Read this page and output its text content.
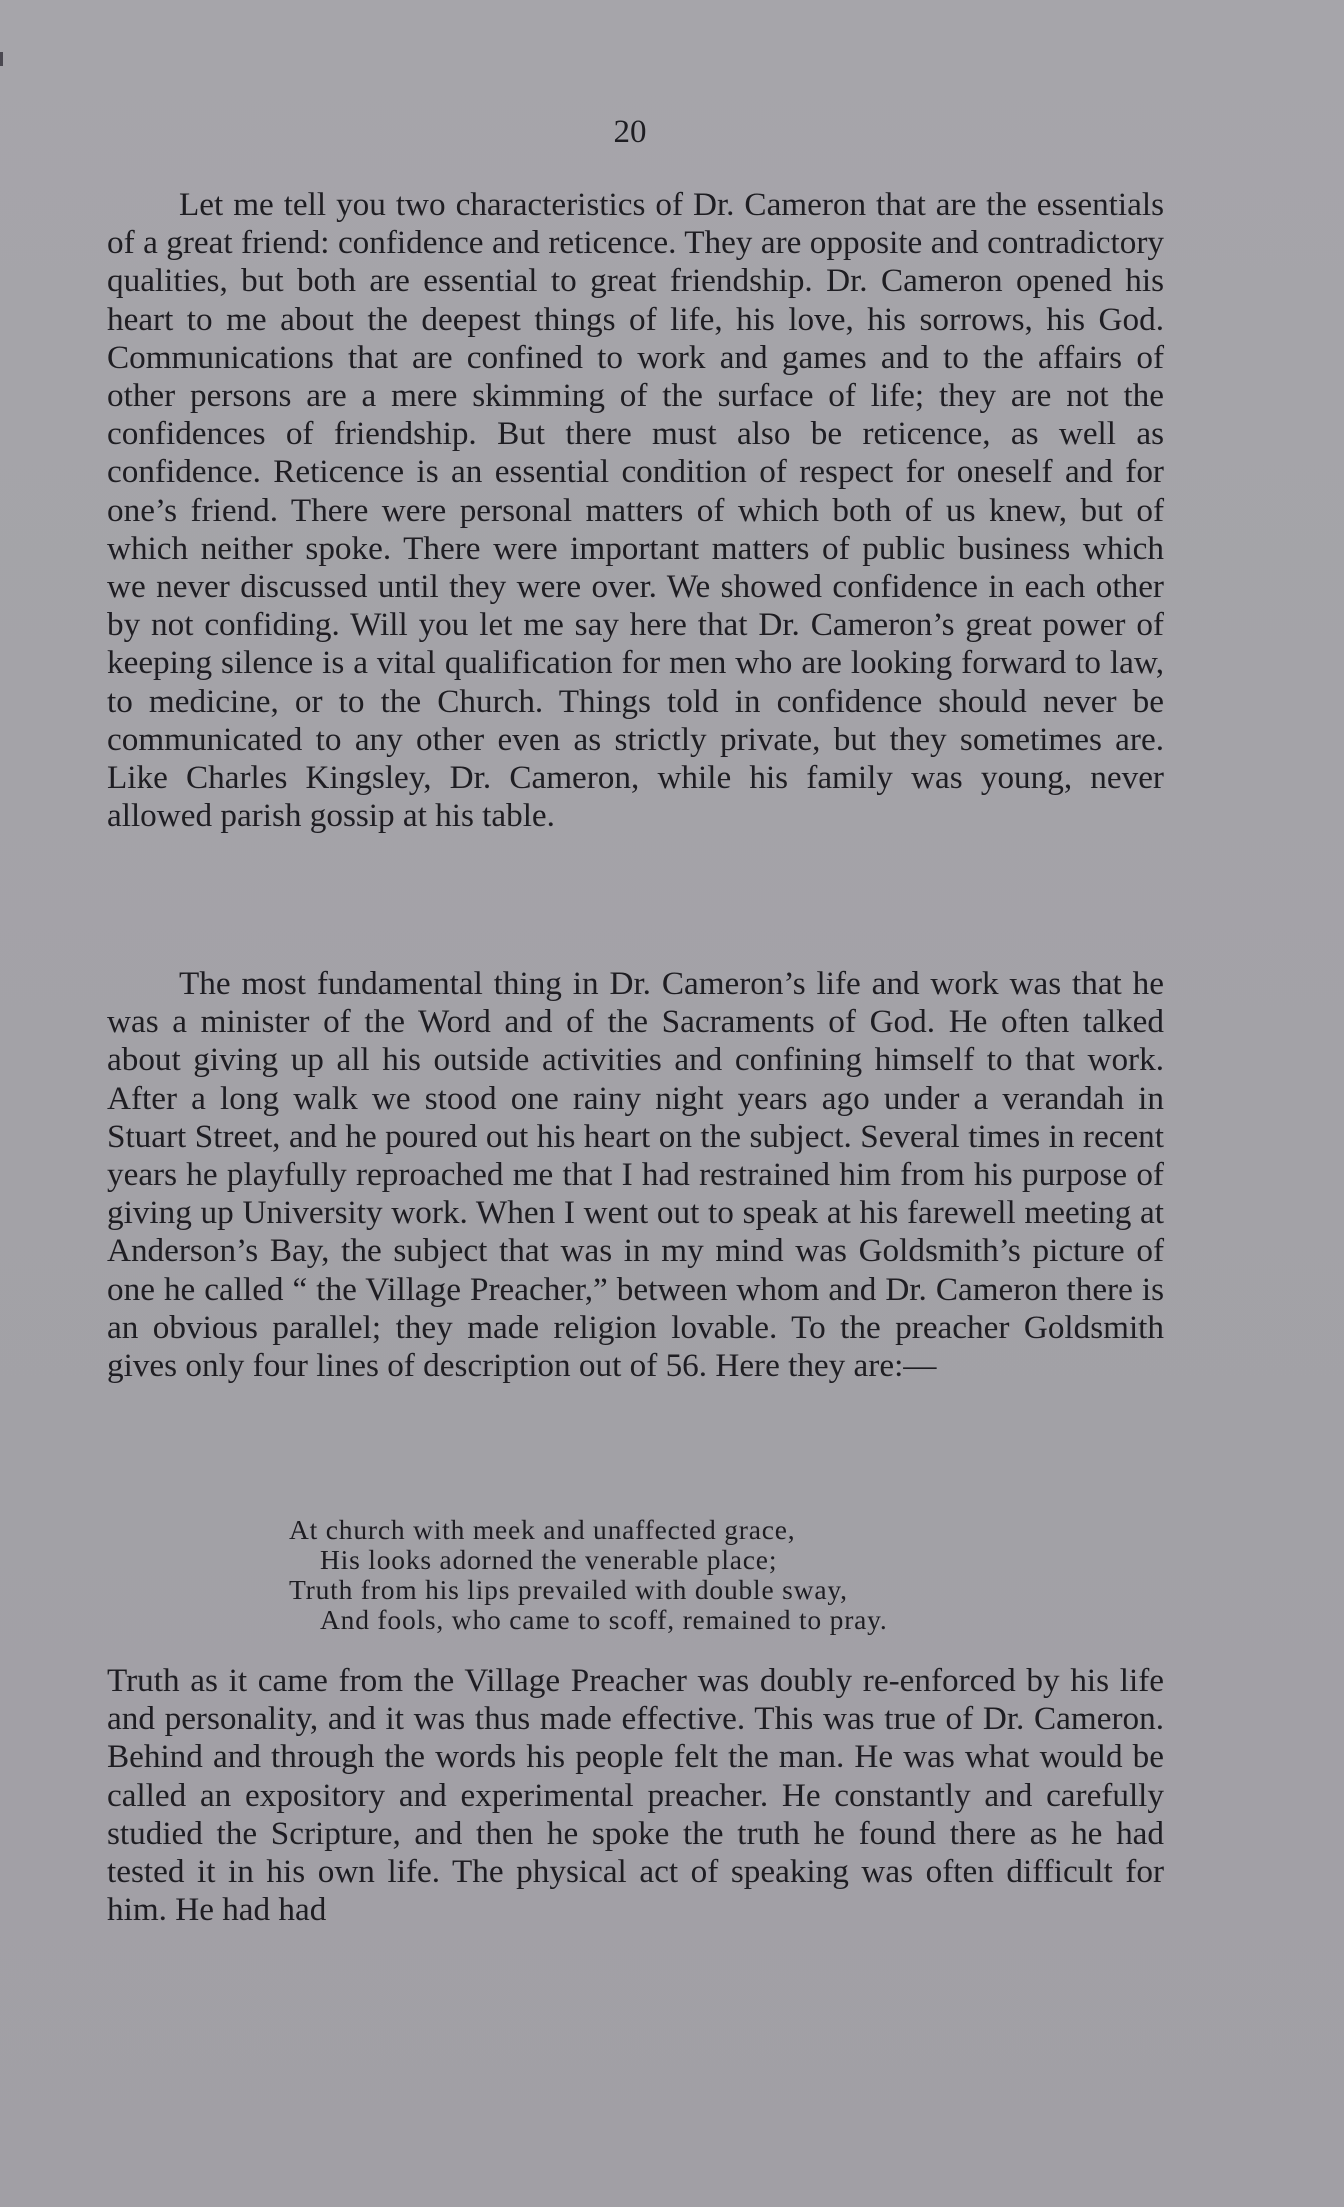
20

Let me tell you two characteristics of Dr. Cameron that are the essentials of a great friend: confidence and reticence. They are opposite and contradictory qualities, but both are essential to great friendship. Dr. Cameron opened his heart to me about the deepest things of life, his love, his sorrows, his God. Communications that are confined to work and games and to the affairs of other persons are a mere skimming of the surface of life; they are not the confidences of friendship. But there must also be reticence, as well as confidence. Reticence is an essential condition of respect for oneself and for one’s friend. There were personal matters of which both of us knew, but of which neither spoke. There were important matters of public business which we never discussed until they were over. We showed confidence in each other by not confiding. Will you let me say here that Dr. Cameron’s great power of keeping silence is a vital qualification for men who are looking forward to law, to medicine, or to the Church. Things told in confidence should never be communicated to any other even as strictly private, but they sometimes are. Like Charles Kingsley, Dr. Cameron, while his family was young, never allowed parish gossip at his table.

The most fundamental thing in Dr. Cameron’s life and work was that he was a minister of the Word and of the Sacraments of God. He often talked about giving up all his outside activities and confining himself to that work. After a long walk we stood one rainy night years ago under a verandah in Stuart Street, and he poured out his heart on the subject. Several times in recent years he playfully reproached me that I had restrained him from his purpose of giving up University work. When I went out to speak at his farewell meeting at Anderson’s Bay, the subject that was in my mind was Goldsmith’s picture of one he called “ the Village Preacher,” between whom and Dr. Cameron there is an obvious parallel; they made religion lovable. To the preacher Goldsmith gives only four lines of description out of 56. Here they are:—

At church with meek and unaffected grace,
His looks adorned the venerable place;
Truth from his lips prevailed with double sway,
And fools, who came to scoff, remained to pray.

Truth as it came from the Village Preacher was doubly re-enforced by his life and personality, and it was thus made effective. This was true of Dr. Cameron. Behind and through the words his people felt the man. He was what would be called an expository and experimental preacher. He constantly and carefully studied the Scripture, and then he spoke the truth he found there as he had tested it in his own life. The physical act of speaking was often difficult for him. He had had
